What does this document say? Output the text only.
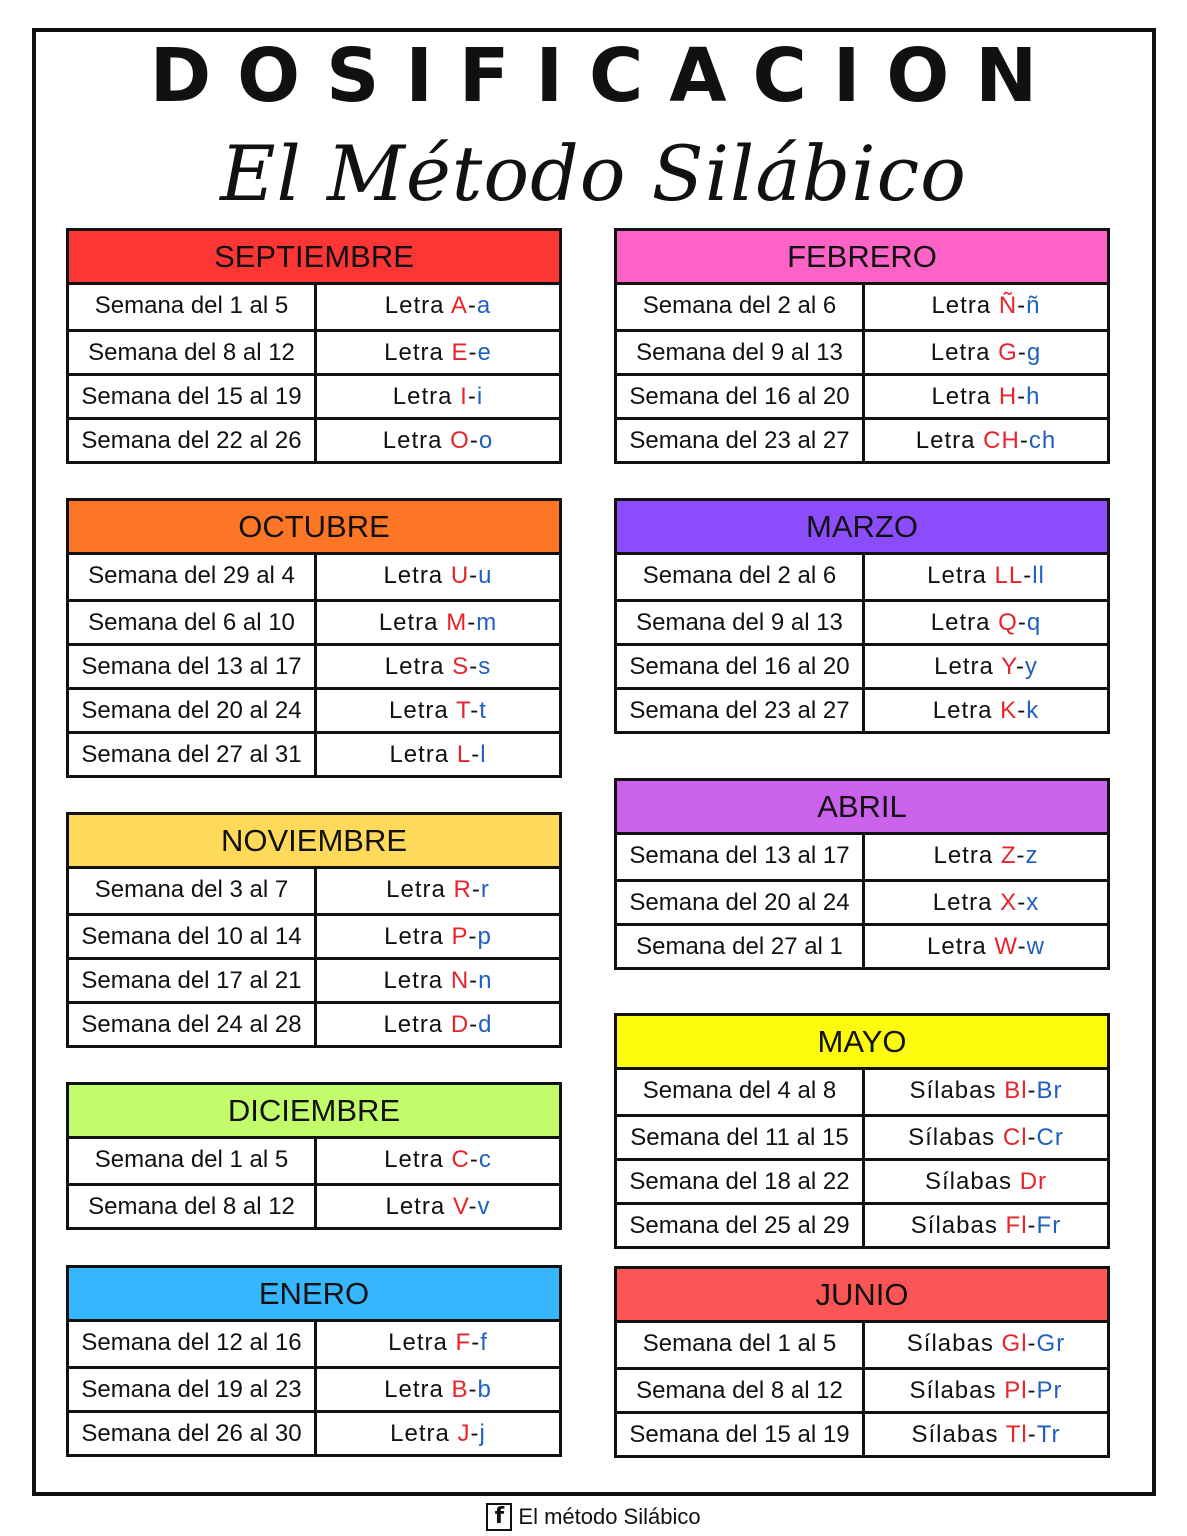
DOSIFICACION
El Método Silábico
SEPTIEMBRE
Semana del 1 al 5	Letra A-a
Semana del 8 al 12	Letra E-e
Semana del 15 al 19	Letra I-i
Semana del 22 al 26	Letra O-o
OCTUBRE
Semana del 29 al 4	Letra U-u
Semana del 6 al 10	Letra M-m
Semana del 13 al 17	Letra S-s
Semana del 20 al 24	Letra T-t
Semana del 27 al 31	Letra L-l
NOVIEMBRE
Semana del 3 al 7	Letra R-r
Semana del 10 al 14	Letra P-p
Semana del 17 al 21	Letra N-n
Semana del 24 al 28	Letra D-d
DICIEMBRE
Semana del 1 al 5	Letra C-c
Semana del 8 al 12	Letra V-v
ENERO
Semana del 12 al 16	Letra F-f
Semana del 19 al 23	Letra B-b
Semana del 26 al 30	Letra J-j
FEBRERO
Semana del 2 al 6	Letra Ñ-ñ
Semana del 9 al 13	Letra G-g
Semana del 16 al 20	Letra H-h
Semana del 23 al 27	Letra CH-ch
MARZO
Semana del 2 al 6	Letra LL-ll
Semana del 9 al 13	Letra Q-q
Semana del 16 al 20	Letra Y-y
Semana del 23 al 27	Letra K-k
ABRIL
Semana del 13 al 17	Letra Z-z
Semana del 20 al 24	Letra X-x
Semana del 27 al 1	Letra W-w
MAYO
Semana del 4 al 8	Sílabas Bl-Br
Semana del 11 al 15	Sílabas Cl-Cr
Semana del 18 al 22	Sílabas Dr
Semana del 25 al 29	Sílabas Fl-Fr
JUNIO
Semana del 1 al 5	Sílabas Gl-Gr
Semana del 8 al 12	Sílabas Pl-Pr
Semana del 15 al 19	Sílabas Tl-Tr
f El método Silábico
